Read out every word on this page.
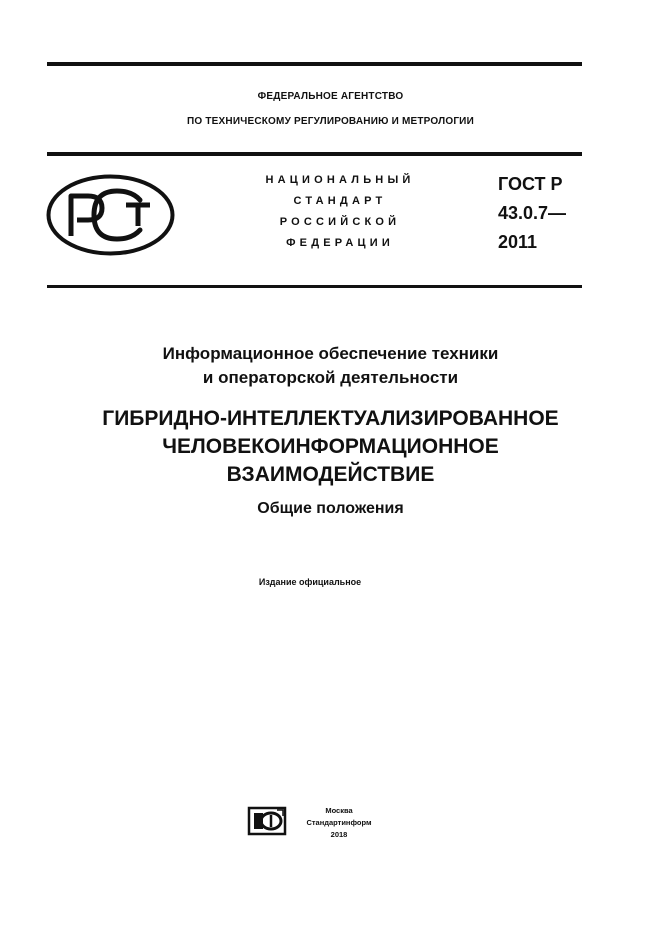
ФЕДЕРАЛЬНОЕ АГЕНТСТВО
ПО ТЕХНИЧЕСКОМУ РЕГУЛИРОВАНИЮ И МЕТРОЛОГИИ
НАЦИОНАЛЬНЫЙ
СТАНДАРТ
РОССИЙСКОЙ
ФЕДЕРАЦИИ
ГОСТ Р
43.0.7—
2011
Информационное обеспечение техники
и операторской деятельности
ГИБРИДНО-ИНТЕЛЛЕКТУАЛИЗИРОВАННОЕ
ЧЕЛОВЕКОИНФОРМАЦИОННОЕ
ВЗАИМОДЕЙСТВИЕ
Общие положения
Издание официальное
Москва
Стандартинформ
2018
